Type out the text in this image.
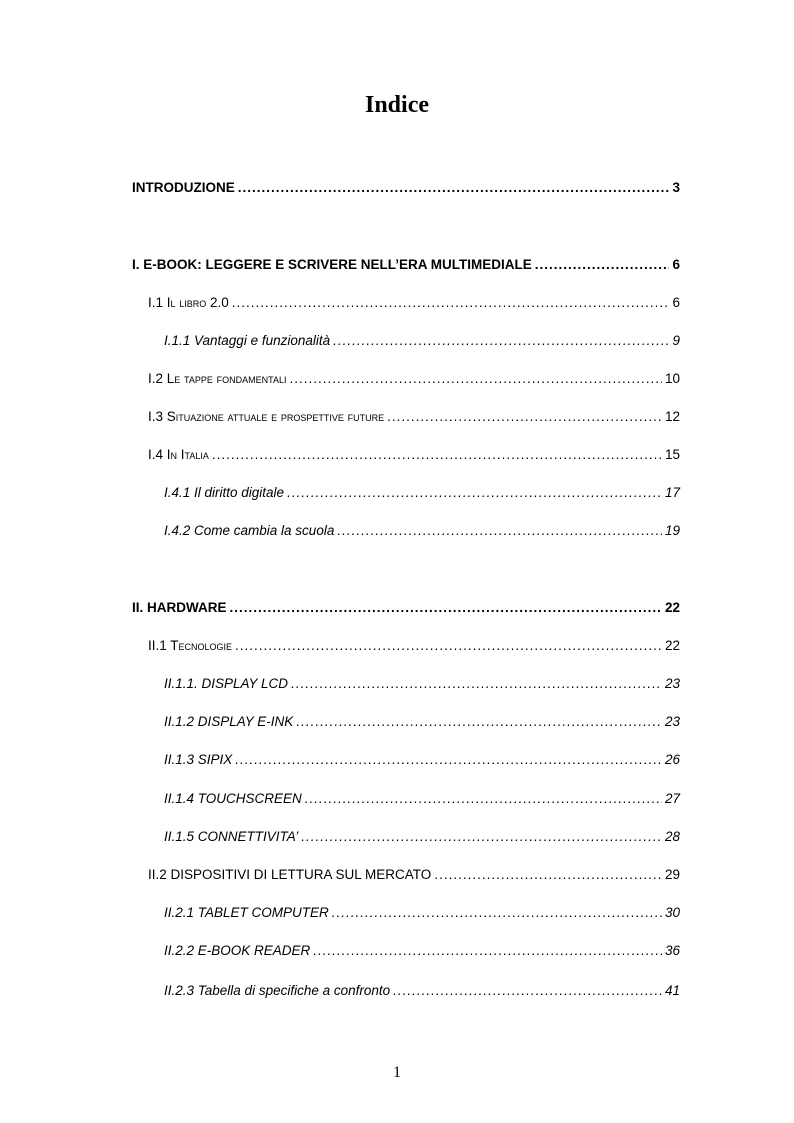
Indice
INTRODUZIONE .....	3
I. E-BOOK: LEGGERE E SCRIVERE NELL’ERA MULTIMEDIALE .....	6
I.1 Il libro 2.0 .....	6
I.1.1 Vantaggi e funzionalità .....	9
I.2 Le tappe fondamentali .....	10
I.3 Situazione attuale e prospettive future .....	12
I.4 In Italia .....	15
I.4.1 Il diritto digitale .....	17
I.4.2 Come cambia la scuola .....	19
II. HARDWARE .....	22
II.1 Tecnologie .....	22
II.1.1. DISPLAY LCD .....	23
II.1.2 DISPLAY E-INK .....	23
II.1.3 SIPIX .....	26
II.1.4 TOUCHSCREEN .....	27
II.1.5 CONNETTIVITA’ .....	28
II.2 DISPOSITIVI DI LETTURA SUL MERCATO .....	29
II.2.1 TABLET COMPUTER .....	30
II.2.2 E-BOOK READER .....	36
II.2.3 Tabella di specifiche a confronto .....	41
1
